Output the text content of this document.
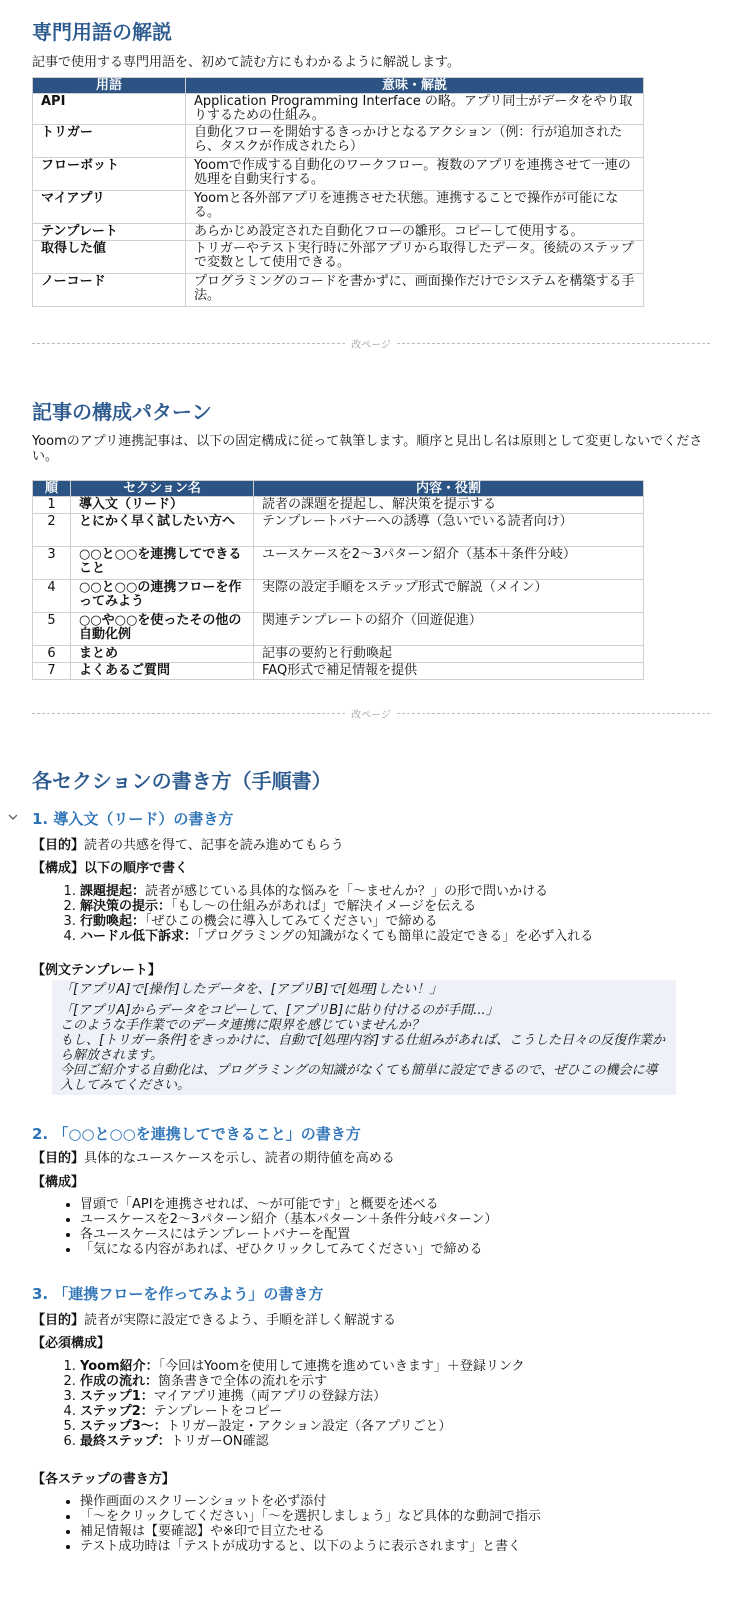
専門用語の解説
記事で使用する専門用語を、初めて読む方にもわかるように解説します。
用語	意味・解説
API	Application Programming Interface の略。アプリ同士がデータをやり取りするための仕組み。
トリガー	自動化フローを開始するきっかけとなるアクション（例：行が追加されたら、タスクが作成されたら）
フローボット	Yoomで作成する自動化のワークフロー。複数のアプリを連携させて一連の処理を自動実行する。
マイアプリ	Yoomと各外部アプリを連携させた状態。連携することで操作が可能になる。
テンプレート	あらかじめ設定された自動化フローの雛形。コピーして使用する。
取得した値	トリガーやテスト実行時に外部アプリから取得したデータ。後続のステップで変数として使用できる。
ノーコード	プログラミングのコードを書かずに、画面操作だけでシステムを構築する手法。
記事の構成パターン
Yoomのアプリ連携記事は、以下の固定構成に従って執筆します。順序と見出し名は原則として変更しないでください。
順	セクション名	内容・役割
1	導入文（リード）	読者の課題を提起し、解決策を提示する
2	とにかく早く試したい方へ	テンプレートバナーへの誘導（急いでいる読者向け）
3	○○と○○を連携してできること	ユースケースを2〜3パターン紹介（基本＋条件分岐）
4	○○と○○の連携フローを作ってみよう	実際の設定手順をステップ形式で解説（メイン）
5	○○や○○を使ったその他の自動化例	関連テンプレートの紹介（回遊促進）
6	まとめ	記事の要約と行動喚起
7	よくあるご質問	FAQ形式で補足情報を提供
各セクションの書き方（手順書）
1. 導入文（リード）の書き方
【目的】読者の共感を得て、記事を読み進めてもらう
【構成】以下の順序で書く
1. 課題提起：読者が感じている具体的な悩みを「〜ませんか？」の形で問いかける
2. 解決策の提示：「もし〜の仕組みがあれば」で解決イメージを伝える
3. 行動喚起：「ぜひこの機会に導入してみてください」で締める
4. ハードル低下訴求：「プログラミングの知識がなくても簡単に設定できる」を必ず入れる
【例文テンプレート】
「[アプリA]で[操作]したデータを、[アプリB]で[処理]したい！」
「[アプリA]からデータをコピーして、[アプリB]に貼り付けるのが手間...」
このような手作業でのデータ連携に限界を感じていませんか？
もし、[トリガー条件]をきっかけに、自動で[処理内容]する仕組みがあれば、こうした日々の反復作業から解放されます。
今回ご紹介する自動化は、プログラミングの知識がなくても簡単に設定できるので、ぜひこの機会に導入してみてください。
2. 「○○と○○を連携してできること」の書き方
【目的】具体的なユースケースを示し、読者の期待値を高める
【構成】
• 冒頭で「APIを連携させれば、〜が可能です」と概要を述べる
• ユースケースを2〜3パターン紹介（基本パターン＋条件分岐パターン）
• 各ユースケースにはテンプレートバナーを配置
• 「気になる内容があれば、ぜひクリックしてみてください」で締める
3. 「連携フローを作ってみよう」の書き方
【目的】読者が実際に設定できるよう、手順を詳しく解説する
【必須構成】
1. Yoom紹介：「今回はYoomを使用して連携を進めていきます」＋登録リンク
2. 作成の流れ：箇条書きで全体の流れを示す
3. ステップ1：マイアプリ連携（両アプリの登録方法）
4. ステップ2：テンプレートをコピー
5. ステップ3〜：トリガー設定・アクション設定（各アプリごと）
6. 最終ステップ：トリガーON確認
【各ステップの書き方】
• 操作画面のスクリーンショットを必ず添付
• 「〜をクリックしてください」「〜を選択しましょう」など具体的な動詞で指示
• 補足情報は【要確認】や※印で目立たせる
• テスト成功時は「テストが成功すると、以下のように表示されます」と書く
改ページ
改ページ
